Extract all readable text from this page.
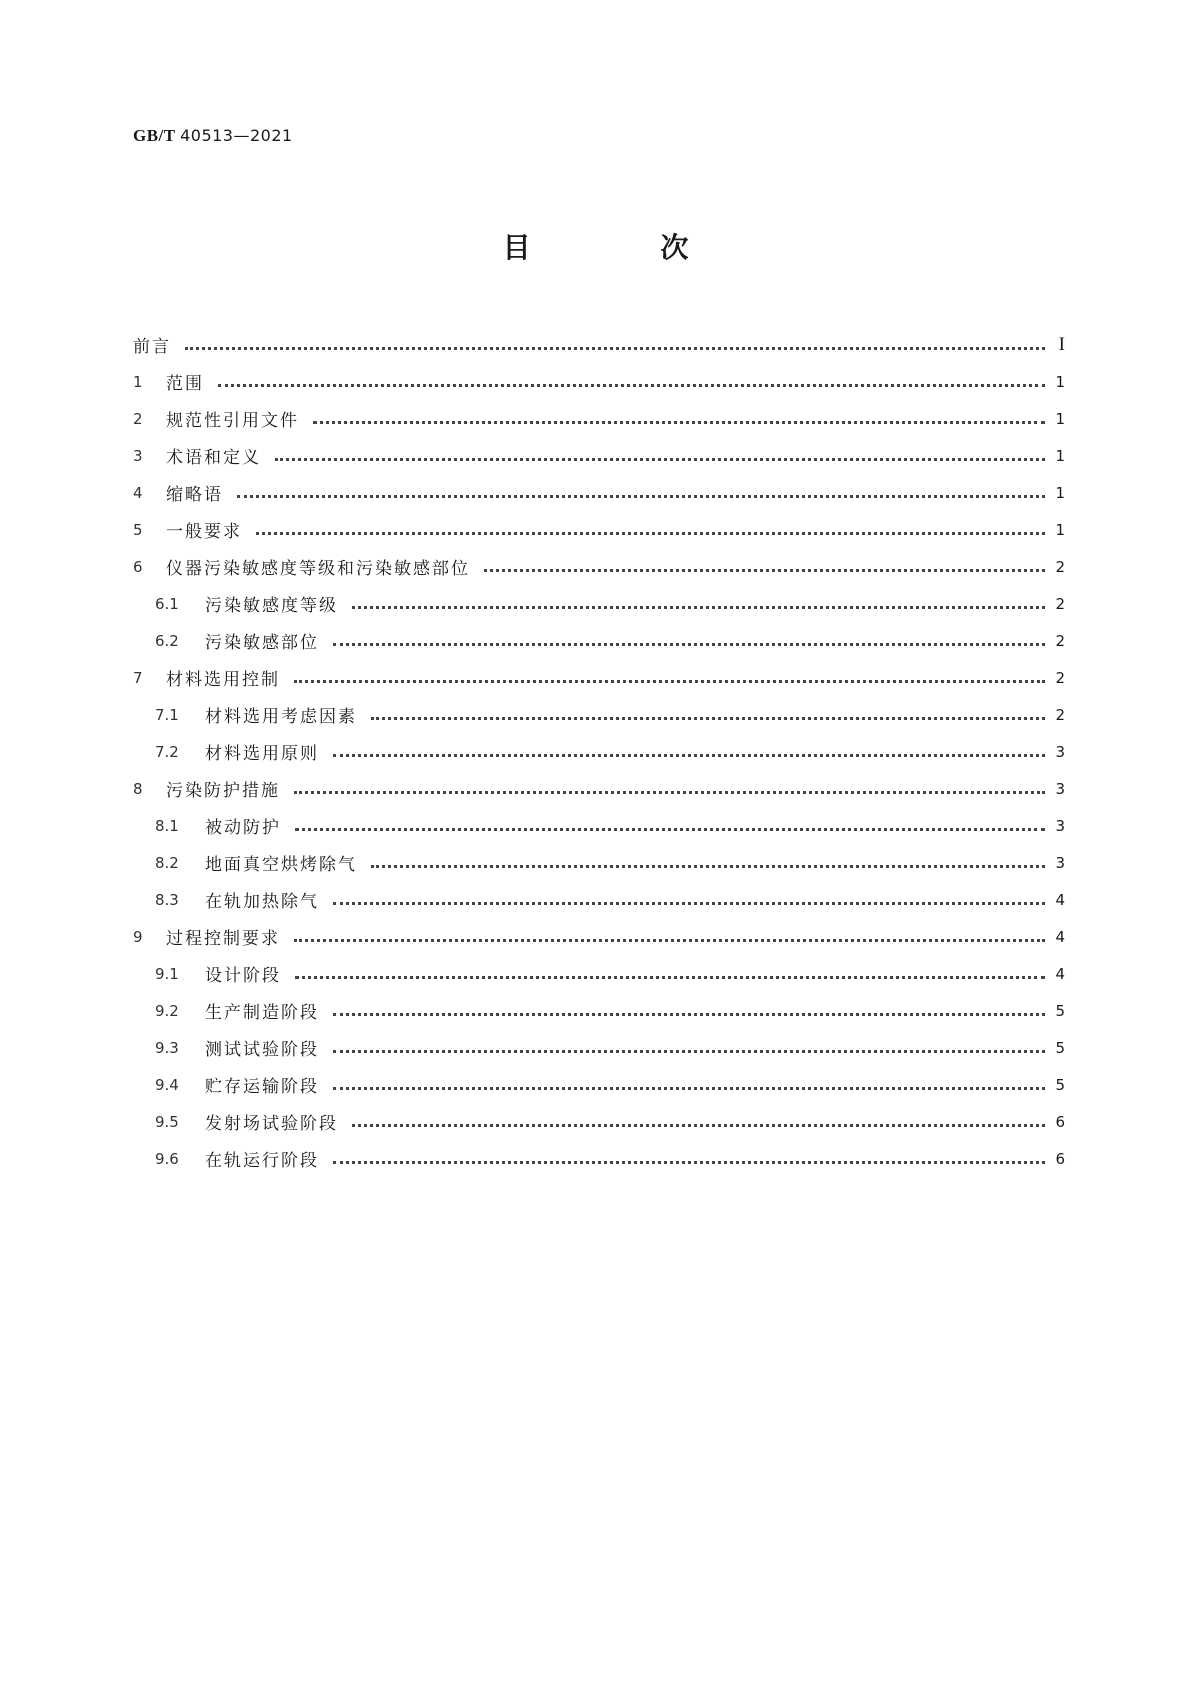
GB/T 40513—2021
目 次
前言	I
1	范围	1
2	规范性引用文件	1
3	术语和定义	1
4	缩略语	1
5	一般要求	1
6	仪器污染敏感度等级和污染敏感部位	2
6.1	污染敏感度等级	2
6.2	污染敏感部位	2
7	材料选用控制	2
7.1	材料选用考虑因素	2
7.2	材料选用原则	3
8	污染防护措施	3
8.1	被动防护	3
8.2	地面真空烘烤除气	3
8.3	在轨加热除气	4
9	过程控制要求	4
9.1	设计阶段	4
9.2	生产制造阶段	5
9.3	测试试验阶段	5
9.4	贮存运输阶段	5
9.5	发射场试验阶段	6
9.6	在轨运行阶段	6
